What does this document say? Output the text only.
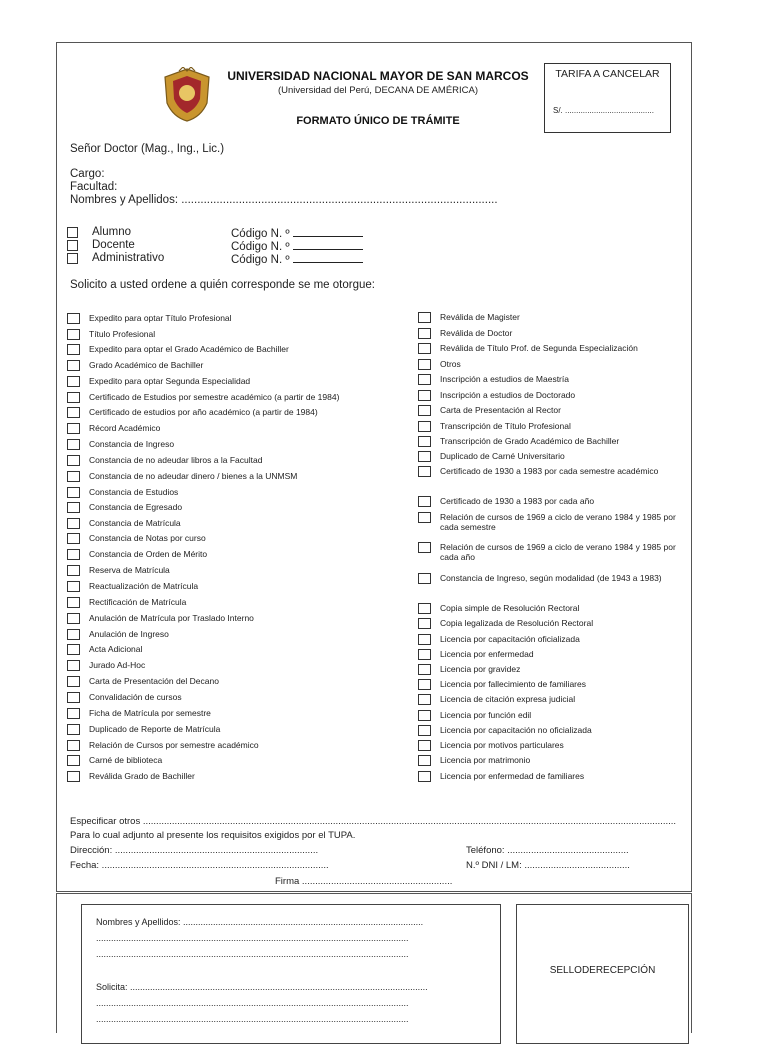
UNIVERSIDAD NACIONAL MAYOR DE SAN MARCOS
(Universidad del Perú, DECANA DE AMÉRICA)
FORMATO ÚNICO DE TRÁMITE
TARIFA A CANCELAR
S/. ........................................
Señor Doctor (Mag., Ing., Lic.)
Cargo:
Facultad:
Nombres y Apellidos: ...................................................................................................
Alumno	Código N. º
Docente	Código N. º
Administrativo	Código N. º
Solicito a usted ordene a quién corresponde se me otorgue:
Expedito para optar Título Profesional
Título Profesional
Expedito para optar el Grado Académico de Bachiller
Grado Académico de Bachiller
Expedito para optar Segunda Especialidad
Certificado de Estudios por semestre académico (a partir de 1984)
Certificado de estudios por año académico (a partir de 1984)
Récord Académico
Constancia de Ingreso
Constancia de no adeudar libros a la Facultad
Constancia de no adeudar dinero / bienes a la UNMSM
Constancia de Estudios
Constancia de Egresado
Constancia de Matrícula
Constancia de Notas por curso
Constancia de Orden de Mérito
Reserva de Matrícula
Reactualización de Matrícula
Rectificación de Matrícula
Anulación de Matrícula por Traslado Interno
Anulación de Ingreso
Acta Adicional
Jurado Ad-Hoc
Carta de Presentación del Decano
Convalidación de cursos
Ficha de Matrícula por semestre
Duplicado de Reporte de Matrícula
Relación de Cursos por semestre académico
Carné de biblioteca
Reválida Grado de Bachiller
Reválida de Magister
Reválida de Doctor
Reválida de Título Prof. de Segunda Especialización
Otros
Inscripción a estudios de Maestría
Inscripción a estudios de Doctorado
Carta de Presentación al Rector
Transcripción de Título Profesional
Transcripción de Grado Académico de Bachiller
Duplicado de Carné Universitario
Certificado de 1930 a 1983 por cada semestre académico
Certificado de 1930 a 1983 por cada año
Relación de cursos de 1969 a ciclo de verano 1984 y 1985 por cada semestre
Relación de cursos de 1969 a ciclo de verano 1984 y 1985 por cada año
Constancia de Ingreso, según modalidad (de 1943 a 1983)
Copia simple de Resolución Rectoral
Copia legalizada de Resolución Rectoral
Licencia por capacitación oficializada
Licencia por enfermedad
Licencia por gravidez
Licencia por fallecimiento de familiares
Licencia de citación expresa judicial
Licencia por función edil
Licencia por capacitación no oficializada
Licencia por motivos particulares
Licencia por matrimonio
Licencia por enfermedad de familiares
Especificar otros ..........................................................................................................................................................................................................
Para lo cual adjunto al presente los requisitos exigidos por el TUPA.
Dirección: .............................................................................	Teléfono: ..............................................
Fecha: ......................................................................................	N.º DNI / LM: ........................................
Firma .........................................................
Nombres y Apellidos: ................................................................................................
.............................................................................................................................
.............................................................................................................................
Solicita: .......................................................................................................................
.............................................................................................................................
.............................................................................................................................
SELLODERECEPCIÓN
